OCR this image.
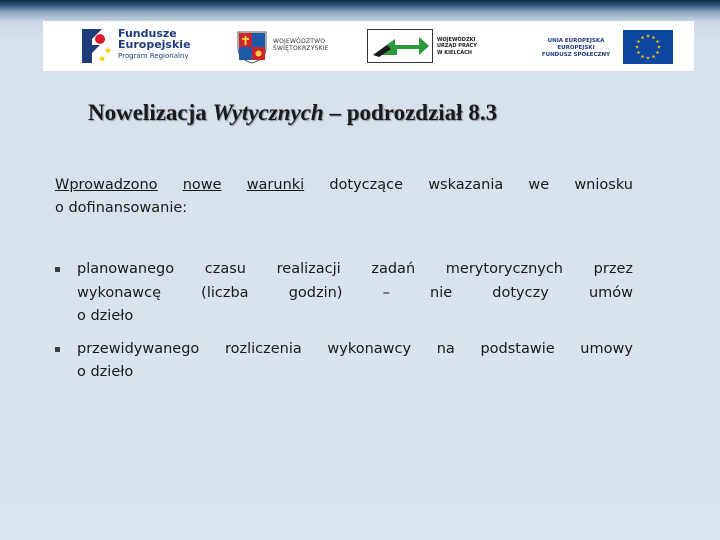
Fundusze
Europejskie
Program Regionalny
WOJEWÓDZTWO
ŚWIĘTOKRZYSKIE
WOJEWÓDZKI
URZĄD PRACY
W KIELCACH
UNIA EUROPEJSKA
EUROPEJSKI
FUNDUSZ SPOŁECZNY
Nowelizacja Wytycznych – podrozdział 8.3
Wprowadzono nowe warunki dotyczące wskazania we wniosku
o dofinansowanie:
planowanego czasu realizacji zadań merytorycznych przez
wykonawcę	(liczba	godzin)	–	nie	dotyczy	umów
o dzieło
przewidywanego rozliczenia wykonawcy na podstawie umowy
o dzieło
